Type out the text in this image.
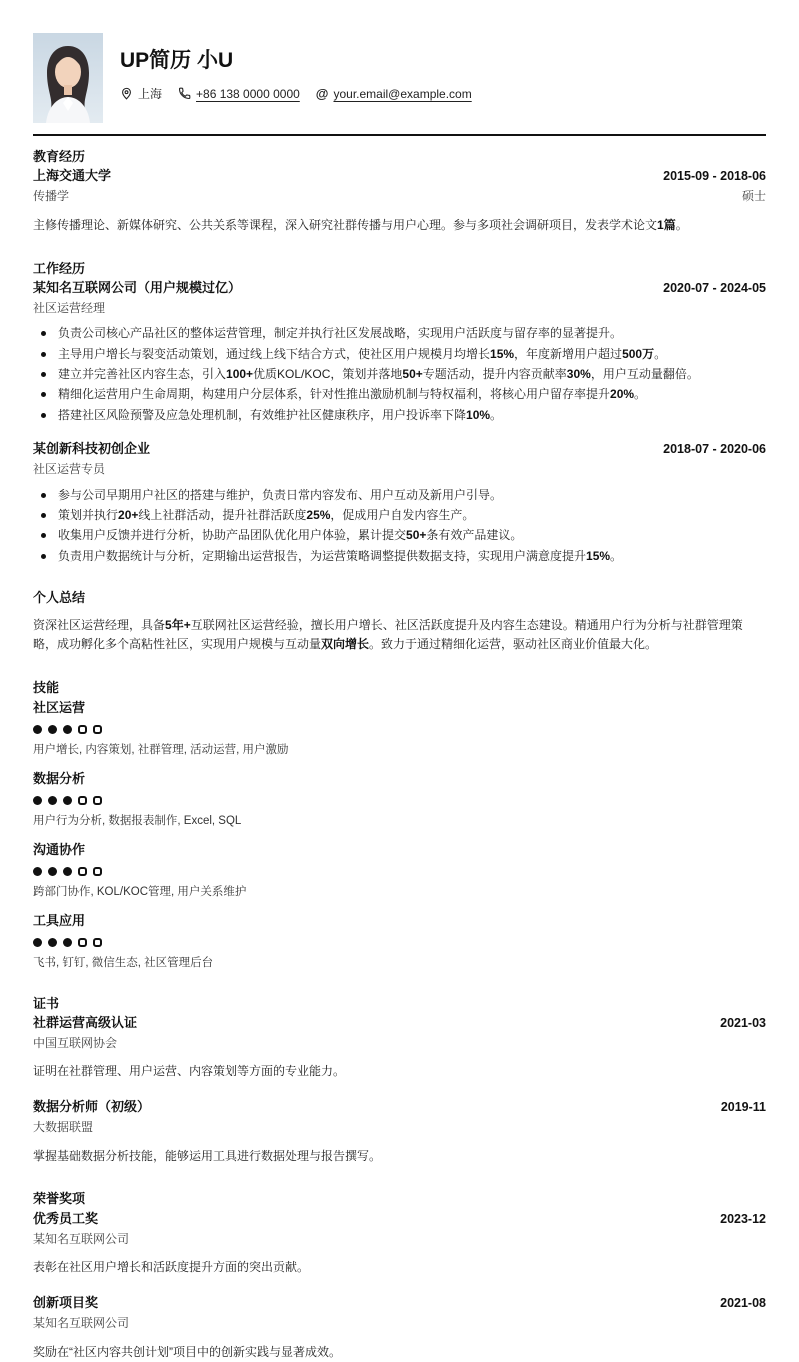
UP简历 小U
上海	+86 138 0000 0000 @ your.email@example.com
教育经历
上海交通大学	2015-09 - 2018-06
传播学	硕士

主修传播理论、新媒体研究、公共关系等课程，深入研究社群传播与用户心理。参与多项社会调研项目，发表学术论文1篇。

工作经历
某知名互联网公司（用户规模过亿）	2020-07 - 2024-05
社区运营经理
负责公司核心产品社区的整体运营管理，制定并执行社区发展战略，实现用户活跃度与留存率的显著提升。
主导用户增长与裂变活动策划，通过线上线下结合方式，使社区用户规模月均增长15%，年度新增用户超过500万。
建立并完善社区内容生态，引入100+优质KOL/KOC，策划并落地50+专题活动，提升内容贡献率30%，用户互动量翻倍。
精细化运营用户生命周期，构建用户分层体系，针对性推出激励机制与特权福利，将核心用户留存率提升20%。
搭建社区风险预警及应急处理机制，有效维护社区健康秩序，用户投诉率下降10%。
某创新科技初创企业	2018-07 - 2020-06
社区运营专员
参与公司早期用户社区的搭建与维护，负责日常内容发布、用户互动及新用户引导。
策划并执行20+线上社群活动，提升社群活跃度25%，促成用户自发内容生产。
收集用户反馈并进行分析，协助产品团队优化用户体验，累计提交50+条有效产品建议。
负责用户数据统计与分析，定期输出运营报告，为运营策略调整提供数据支持，实现用户满意度提升15%。
个人总结

资深社区运营经理，具备5年+互联网社区运营经验，擅长用户增长、社区活跃度提升及内容生态建设。精通用户行为分析与社群管理策略，成功孵化多个高粘性社区，实现用户规模与互动量双向增长。致力于通过精细化运营，驱动社区商业价值最大化。

技能
社区运营

用户增长, 内容策划, 社群管理, 活动运营, 用户激励

数据分析

用户行为分析, 数据报表制作, Excel, SQL

沟通协作

跨部门协作, KOL/KOC管理, 用户关系维护

工具应用

飞书, 钉钉, 微信生态, 社区管理后台

证书
社群运营高级认证	2021-03
中国互联网协会

证明在社群管理、用户运营、内容策划等方面的专业能力。

数据分析师（初级）	2019-11
大数据联盟

掌握基础数据分析技能，能够运用工具进行数据处理与报告撰写。

荣誉奖项
优秀员工奖	2023-12
某知名互联网公司

表彰在社区用户增长和活跃度提升方面的突出贡献。

创新项目奖	2021-08
某知名互联网公司

奖励在“社区内容共创计划”项目中的创新实践与显著成效。
